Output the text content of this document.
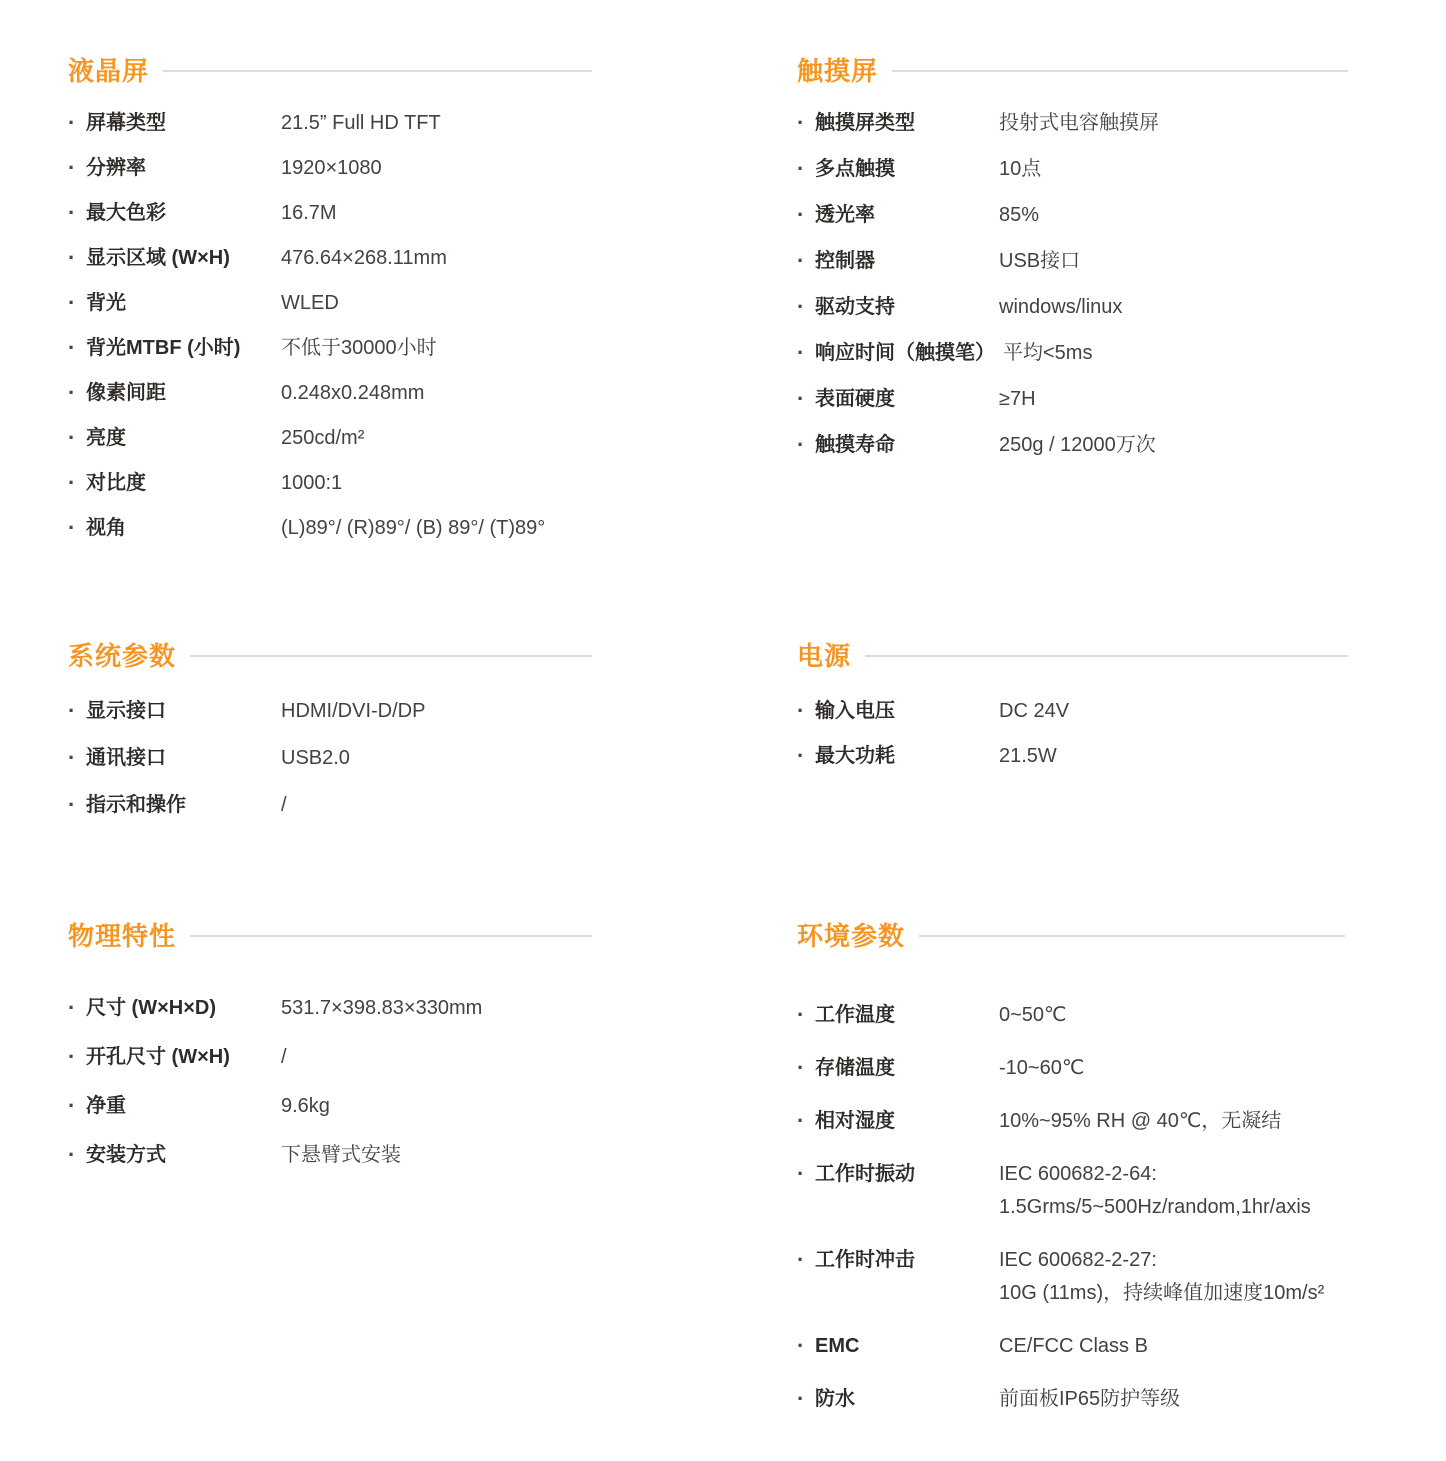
液晶屏
· 屏幕类型	21.5” Full HD TFT
· 分辨率	1920×1080
· 最大色彩	16.7M
· 显示区域 (W×H)	476.64×268.11mm
· 背光	WLED
· 背光MTBF (小时)	不低于30000小时
· 像素间距	0.248x0.248mm
· 亮度	250cd/m²
· 对比度	1000:1
· 视角	(L)89°/ (R)89°/ (B) 89°/ (T)89°
触摸屏
· 触摸屏类型	投射式电容触摸屏
· 多点触摸	10点
· 透光率	85%
· 控制器	USB接口
· 驱动支持	windows/linux
· 响应时间（触摸笔） 平均<5ms
· 表面硬度	≥7H
· 触摸寿命	250g / 12000万次
系统参数
· 显示接口	HDMI/DVI-D/DP
· 通讯接口	USB2.0
· 指示和操作	/
电源
· 输入电压	DC 24V
· 最大功耗	21.5W
物理特性
· 尺寸 (W×H×D)	531.7×398.83×330mm
· 开孔尺寸 (W×H)	/
· 净重	9.6kg
· 安装方式	下悬臂式安装
环境参数
· 工作温度	0~50℃
· 存储温度	-10~60℃
· 相对湿度	10%~95% RH @ 40℃，无凝结
· 工作时振动	IEC 600682-2-64:
1.5Grms/5~500Hz/random,1hr/axis
· 工作时冲击	IEC 600682-2-27:
10G (11ms)，持续峰值加速度10m/s²
· EMC	CE/FCC Class B
· 防水	前面板IP65防护等级
